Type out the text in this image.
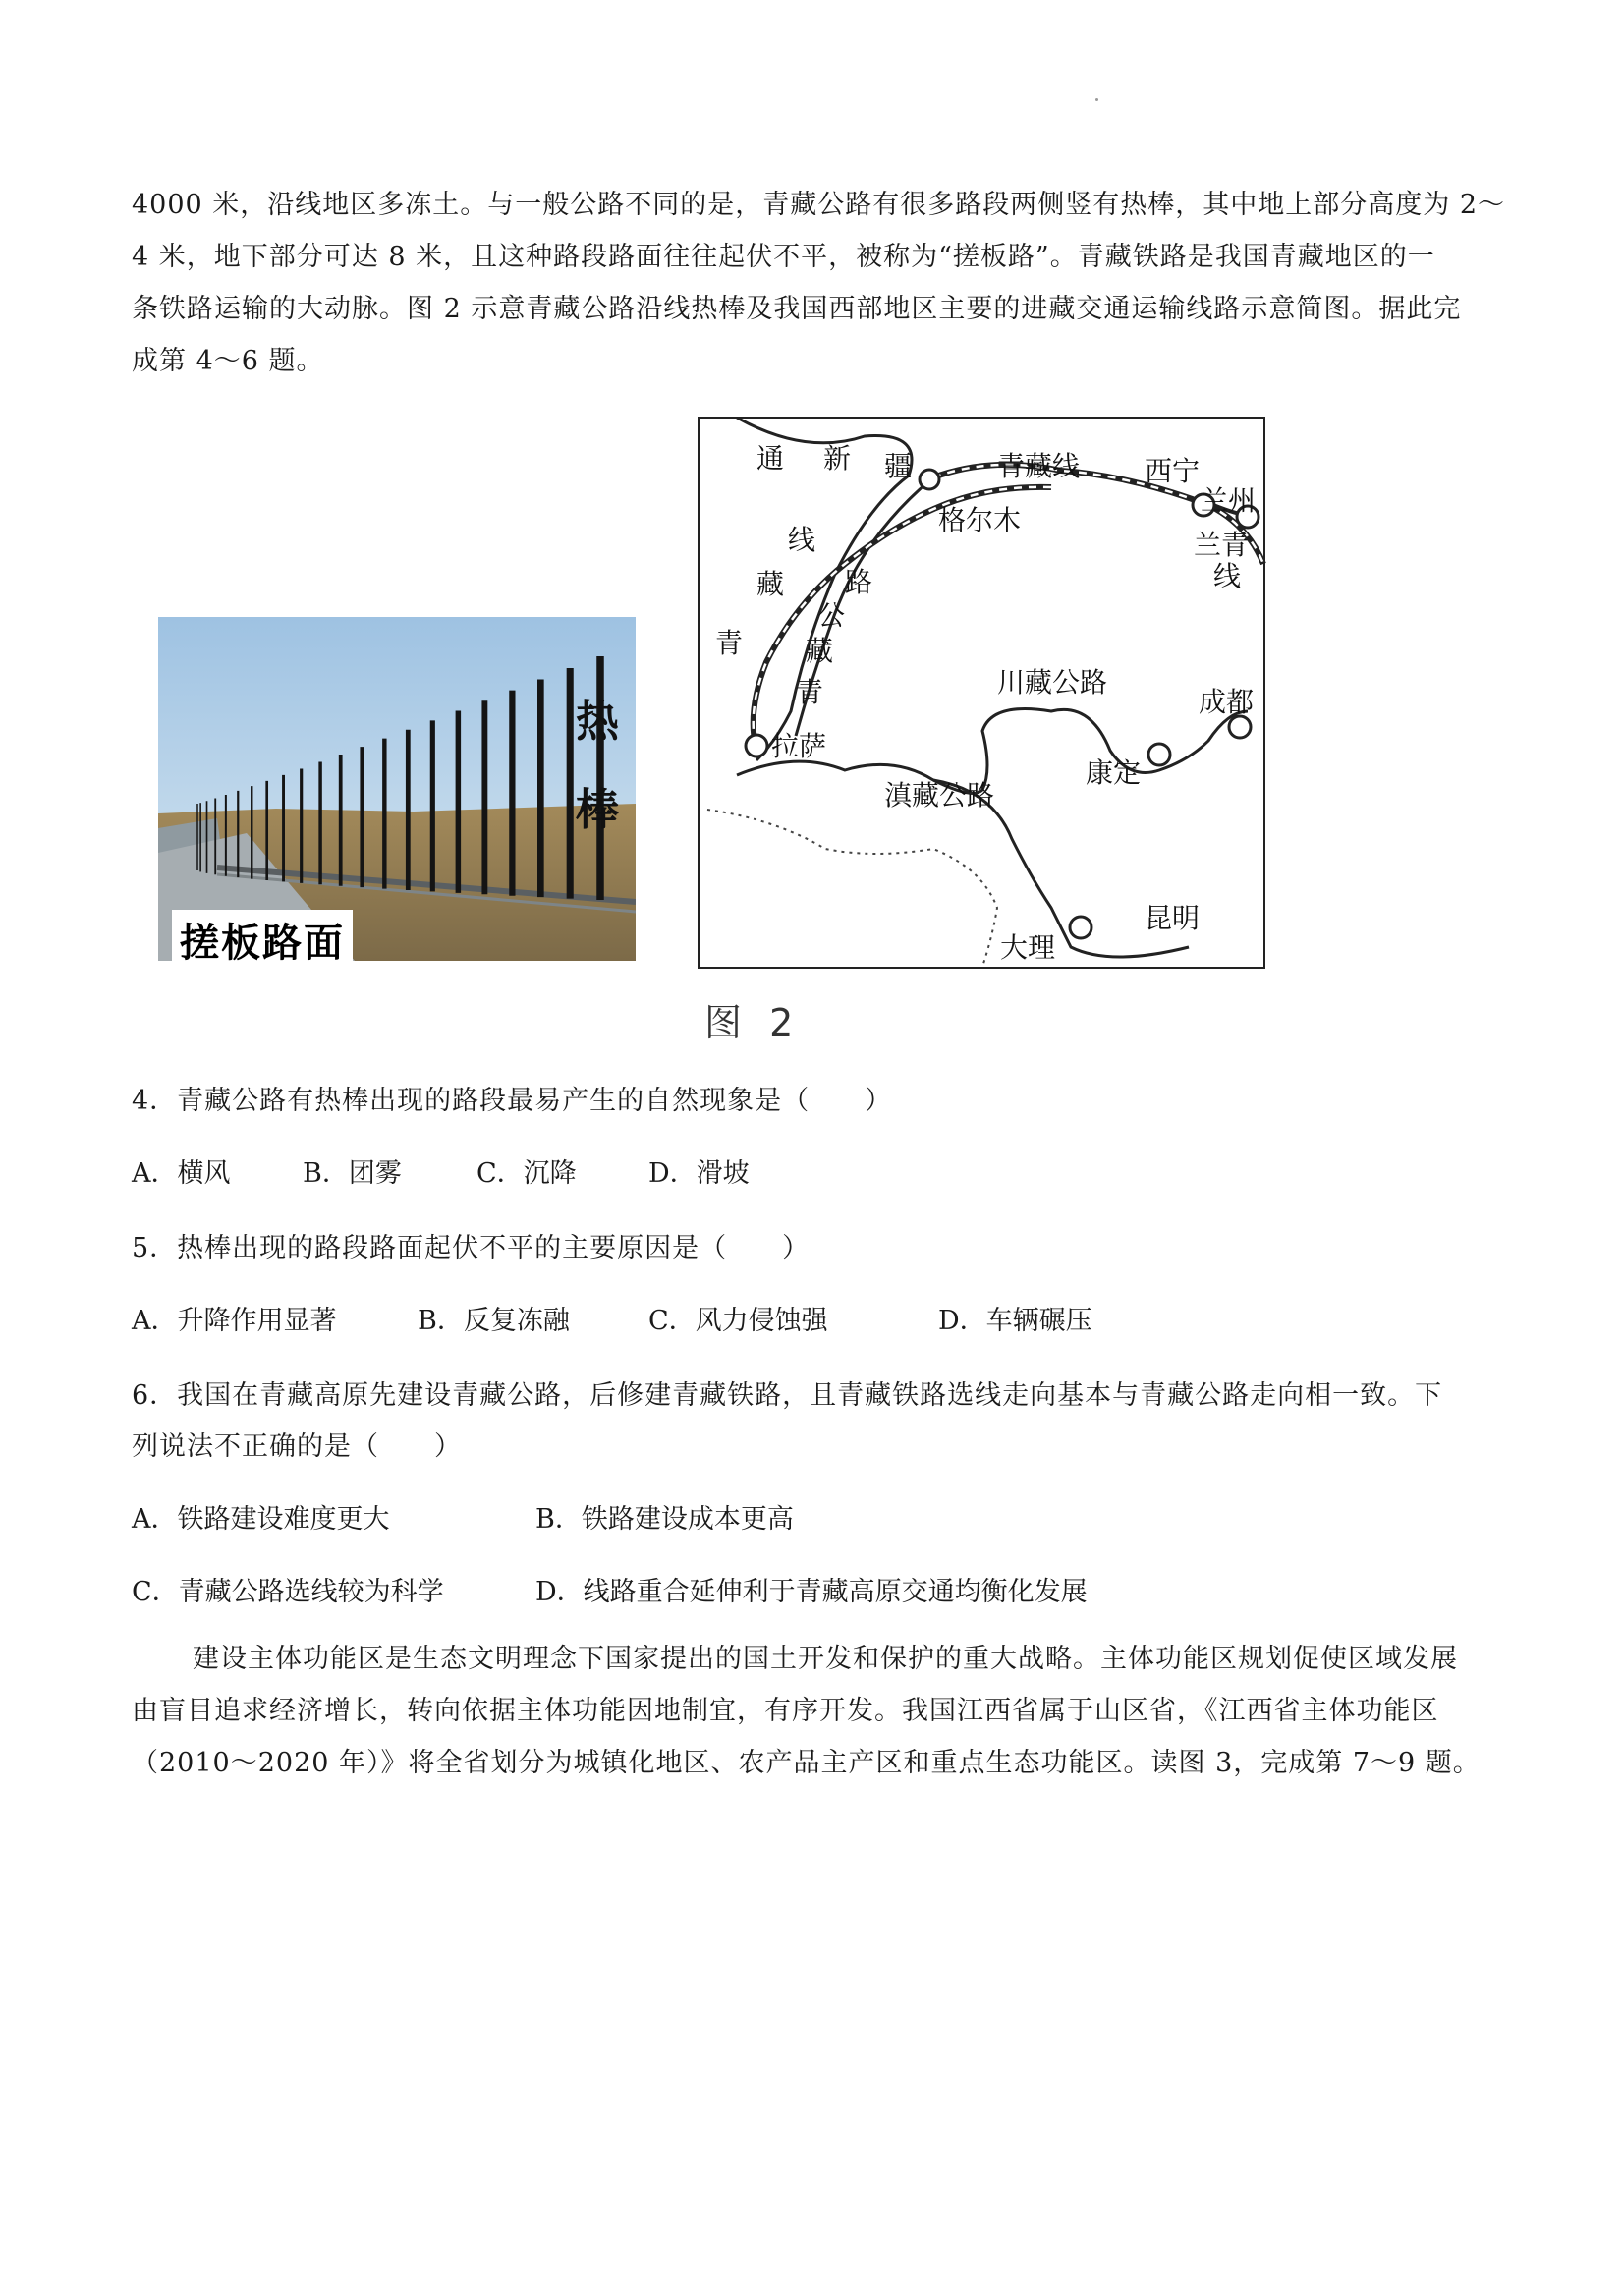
4000 米，沿线地区多冻土。与一般公路不同的是，青藏公路有很多路段两侧竖有热棒，其中地上部分高度为 2～

4 米，地下部分可达 8 米，且这种路段路面往往起伏不平，被称为“搓板路”。青藏铁路是我国青藏地区的一

条铁路运输的大动脉。图 2 示意青藏公路沿线热棒及我国西部地区主要的进藏交通运输线路示意简图。据此完

成第 4～6 题。

热
棒
搓板路面
通 新 疆	青藏线 西宁
兰州
格尔木
兰青
线
线
藏
青
路
公
藏
青
拉萨
川藏公路
成都
康定
滇藏公路
大理
昆明
图 2

4．青藏公路有热棒出现的路段最易产生的自然现象是（　　）

A．横风	B．团雾	C．沉降	D．滑坡

5．热棒出现的路段路面起伏不平的主要原因是（　　）

A．升降作用显著	B．反复冻融	C．风力侵蚀强	D．车辆碾压

6．我国在青藏高原先建设青藏公路，后修建青藏铁路，且青藏铁路选线走向基本与青藏公路走向相一致。下

列说法不正确的是（　　）

A．铁路建设难度更大	B．铁路建设成本更高

C．青藏公路选线较为科学	D．线路重合延伸利于青藏高原交通均衡化发展

建设主体功能区是生态文明理念下国家提出的国土开发和保护的重大战略。主体功能区规划促使区域发展

由盲目追求经济增长，转向依据主体功能因地制宜，有序开发。我国江西省属于山区省，《江西省主体功能区

（2010～2020 年）》将全省划分为城镇化地区、农产品主产区和重点生态功能区。读图 3，完成第 7～9 题。
